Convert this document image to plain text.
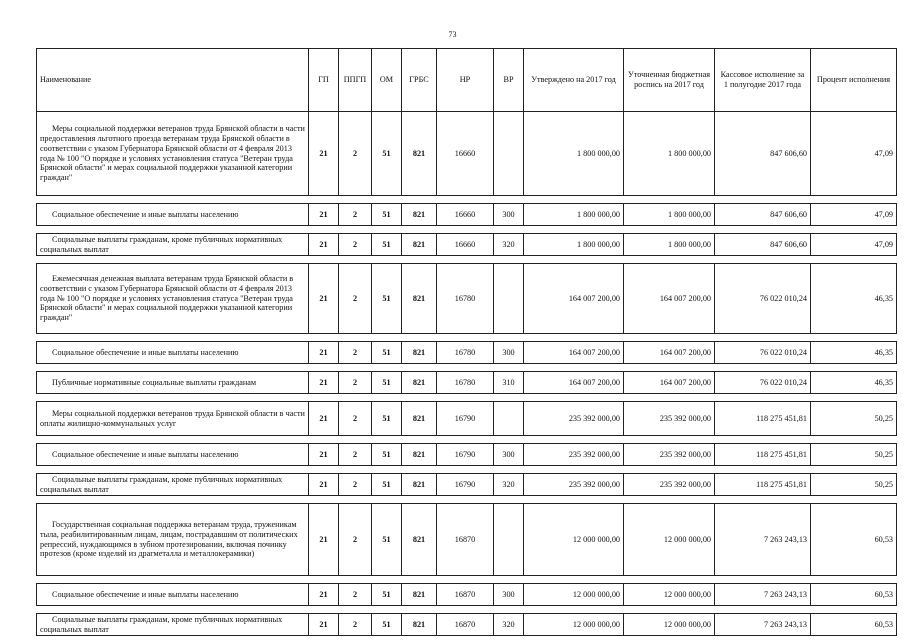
73
Наименование	ГП	ППГП	ОМ	ГРБС	НР	ВР	Утверждено на 2017 год	Уточненная бюджетная роспись на 2017 год	Кассовое исполнение за 1 полугодие 2017 года	Процент исполнения

Меры социальной поддержки ветеранов труда Брянской области в части предоставления льготного проезда ветеранам труда Брянской области в соответствии с указом Губернатора Брянской области от 4 февраля 2013 года № 100 "О порядке и условиях установления статуса "Ветеран труда Брянской области" и мерах социальной поддержки указанной категории граждан"	21	2	51	821	16660		1 800 000,00	1 800 000,00	847 606,60	47,09

Социальное обеспечение и иные выплаты населению	21	2	51	821	16660	300	1 800 000,00	1 800 000,00	847 606,60	47,09

Социальные выплаты гражданам, кроме публичных нормативных социальных выплат	21	2	51	821	16660	320	1 800 000,00	1 800 000,00	847 606,60	47,09

Ежемесячная денежная выплата ветеранам труда Брянской области в соответствии с указом Губернатора Брянской области от 4 февраля 2013 года № 100 "О порядке и условиях установления статуса "Ветеран труда Брянской области" и мерах социальной поддержки указанной категории граждан"	21	2	51	821	16780		164 007 200,00	164 007 200,00	76 022 010,24	46,35

Социальное обеспечение и иные выплаты населению	21	2	51	821	16780	300	164 007 200,00	164 007 200,00	76 022 010,24	46,35

Публичные нормативные социальные выплаты гражданам	21	2	51	821	16780	310	164 007 200,00	164 007 200,00	76 022 010,24	46,35

Меры социальной поддержки ветеранов труда Брянской области в части оплаты жилищно-коммунальных услуг	21	2	51	821	16790		235 392 000,00	235 392 000,00	118 275 451,81	50,25

Социальное обеспечение и иные выплаты населению	21	2	51	821	16790	300	235 392 000,00	235 392 000,00	118 275 451,81	50,25

Социальные выплаты гражданам, кроме публичных нормативных социальных выплат	21	2	51	821	16790	320	235 392 000,00	235 392 000,00	118 275 451,81	50,25

Государственная социальная поддержка ветеранам труда, труженикам тыла, реабилитированным лицам, лицам, пострадавшим от политических репрессий, нуждающимся в зубном протезировании, включая починку протезов (кроме изделий из драгметалла и металлокерамики)	21	2	51	821	16870		12 000 000,00	12 000 000,00	7 263 243,13	60,53

Социальное обеспечение и иные выплаты населению	21	2	51	821	16870	300	12 000 000,00	12 000 000,00	7 263 243,13	60,53

Социальные выплаты гражданам, кроме публичных нормативных социальных выплат	21	2	51	821	16870	320	12 000 000,00	12 000 000,00	7 263 243,13	60,53
